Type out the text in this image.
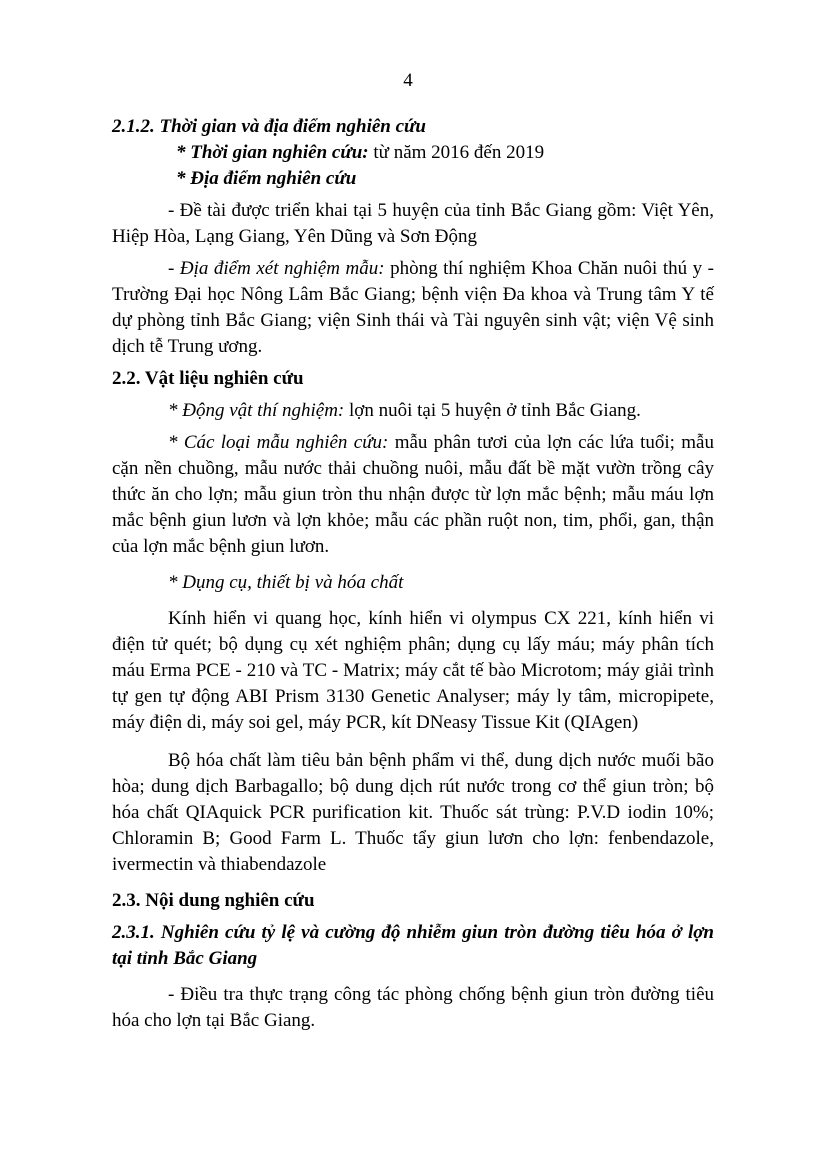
4

2.1.2. Thời gian và địa điểm nghiên cứu

* Thời gian nghiên cứu: từ năm 2016 đến 2019

* Địa điểm nghiên cứu

- Đề tài được triển khai tại 5 huyện của tỉnh Bắc Giang gồm: Việt Yên, Hiệp Hòa, Lạng Giang, Yên Dũng và Sơn Động

- Địa điểm xét nghiệm mẫu: phòng thí nghiệm Khoa Chăn nuôi thú y - Trường Đại học Nông Lâm Bắc Giang; bệnh viện Đa khoa và Trung tâm Y tế dự phòng tỉnh Bắc Giang; viện Sinh thái và Tài nguyên sinh vật; viện Vệ sinh dịch tễ Trung ương.

2.2. Vật liệu nghiên cứu

* Động vật thí nghiệm: lợn nuôi tại 5 huyện ở tỉnh Bắc Giang.

* Các loại mẫu nghiên cứu: mẫu phân tươi của lợn các lứa tuổi; mẫu cặn nền chuồng, mẫu nước thải chuồng nuôi, mẫu đất bề mặt vườn trồng cây thức ăn cho lợn; mẫu giun tròn thu nhận được từ lợn mắc bệnh; mẫu máu lợn mắc bệnh giun lươn và lợn khỏe; mẫu các phần ruột non, tim, phổi, gan, thận của lợn mắc bệnh giun lươn.

* Dụng cụ, thiết bị và hóa chất

Kính hiển vi quang học, kính hiển vi olympus CX 221, kính hiển vi điện tử quét; bộ dụng cụ xét nghiệm phân; dụng cụ lấy máu; máy phân tích máu Erma PCE - 210 và TC - Matrix; máy cắt tế bào Microtom; máy giải trình tự gen tự động ABI Prism 3130 Genetic Analyser; máy ly tâm, micropipete, máy điện di, máy soi gel, máy PCR, kít DNeasy Tissue Kit (QIAgen)

Bộ hóa chất làm tiêu bản bệnh phẩm vi thể, dung dịch nước muối bão hòa; dung dịch Barbagallo; bộ dung dịch rút nước trong cơ thể giun tròn; bộ hóa chất QIAquick PCR purification kit. Thuốc sát trùng: P.V.D iodin 10%; Chloramin B; Good Farm L. Thuốc tẩy giun lươn cho lợn: fenbendazole, ivermectin và thiabendazole

2.3. Nội dung nghiên cứu

2.3.1. Nghiên cứu tỷ lệ và cường độ nhiễm giun tròn đường tiêu hóa ở lợn tại tỉnh Bắc Giang

- Điều tra thực trạng công tác phòng chống bệnh giun tròn đường tiêu hóa cho lợn tại Bắc Giang.
